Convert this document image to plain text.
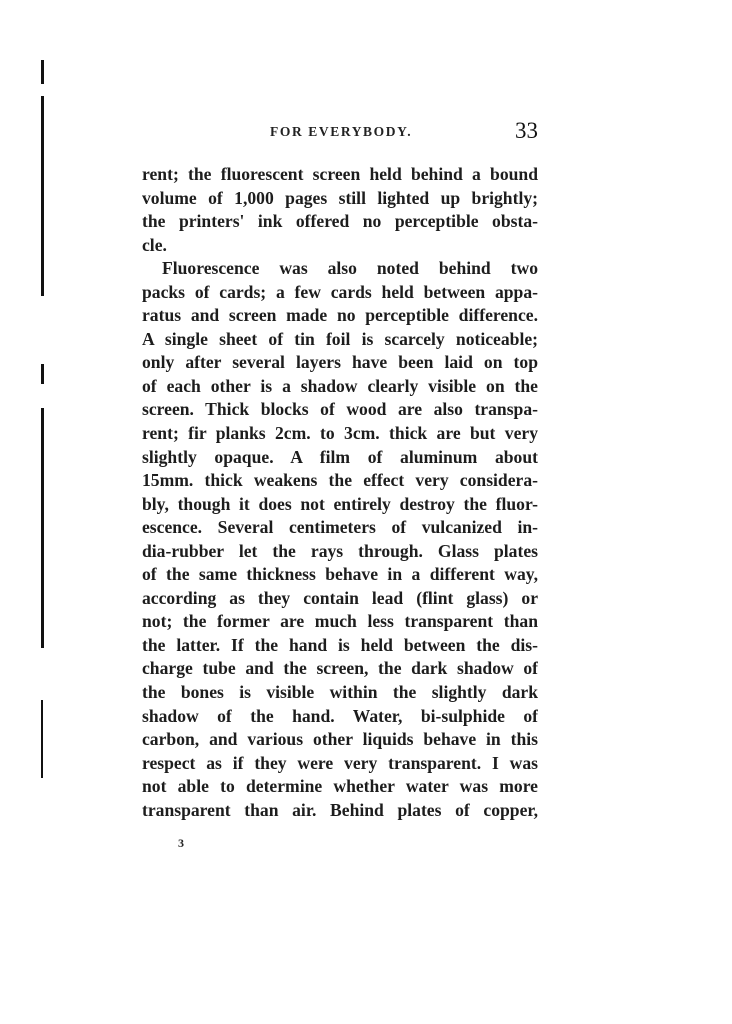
FOR EVERYBODY.	33
rent; the fluorescent screen held behind a bound
volume of 1,000 pages still lighted up brightly;
the printers' ink offered no perceptible obsta-
cle.
Fluorescence was also noted behind two
packs of cards; a few cards held between appa-
ratus and screen made no perceptible difference.
A single sheet of tin foil is scarcely noticeable;
only after several layers have been laid on top
of each other is a shadow clearly visible on the
screen. Thick blocks of wood are also transpa-
rent; fir planks 2cm. to 3cm. thick are but very
slightly opaque. A film of aluminum about
15mm. thick weakens the effect very considera-
bly, though it does not entirely destroy the fluor-
escence. Several centimeters of vulcanized in-
dia-rubber let the rays through. Glass plates
of the same thickness behave in a different way,
according as they contain lead (flint glass) or
not; the former are much less transparent than
the latter. If the hand is held between the dis-
charge tube and the screen, the dark shadow of
the bones is visible within the slightly dark
shadow of the hand. Water, bi-sulphide of
carbon, and various other liquids behave in this
respect as if they were very transparent. I was
not able to determine whether water was more
transparent than air. Behind plates of copper,
3
